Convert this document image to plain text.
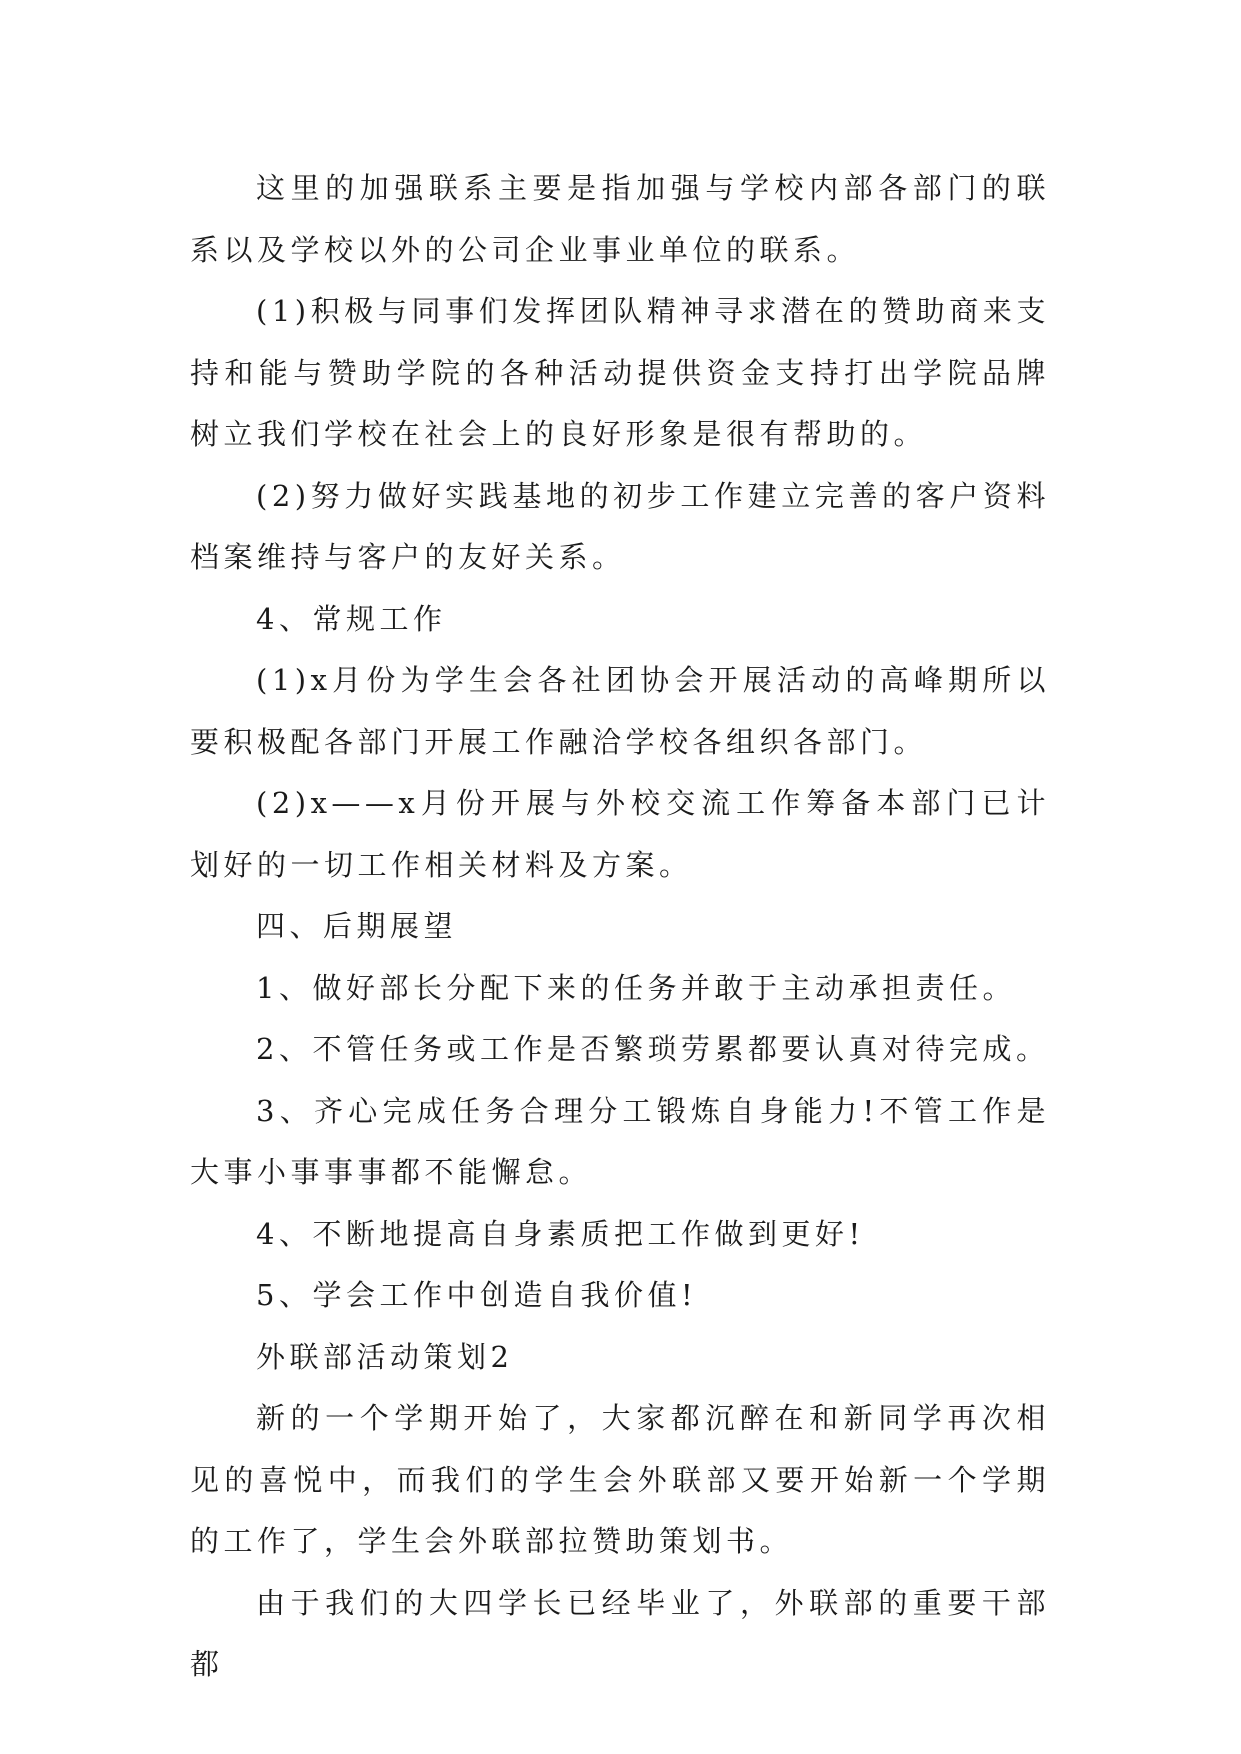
这里的加强联系主要是指加强与学校内部各部门的联系以及学校以外的公司企业事业单位的联系。

(1)积极与同事们发挥团队精神寻求潜在的赞助商来支持和能与赞助学院的各种活动提供资金支持打出学院品牌树立我们学校在社会上的良好形象是很有帮助的。

(2)努力做好实践基地的初步工作建立完善的客户资料档案维持与客户的友好关系。

4、常规工作

(1)x月份为学生会各社团协会开展活动的高峰期所以要积极配各部门开展工作融洽学校各组织各部门。

(2)x——x月份开展与外校交流工作筹备本部门已计划好的一切工作相关材料及方案。

四、后期展望

1、做好部长分配下来的任务并敢于主动承担责任。

2、不管任务或工作是否繁琐劳累都要认真对待完成。

3、齐心完成任务合理分工锻炼自身能力!不管工作是大事小事事事都不能懈怠。

4、不断地提高自身素质把工作做到更好!

5、学会工作中创造自我价值!

外联部活动策划2

新的一个学期开始了，大家都沉醉在和新同学再次相见的喜悦中，而我们的学生会外联部又要开始新一个学期的工作了，学生会外联部拉赞助策划书。

由于我们的大四学长已经毕业了，外联部的重要干部都
